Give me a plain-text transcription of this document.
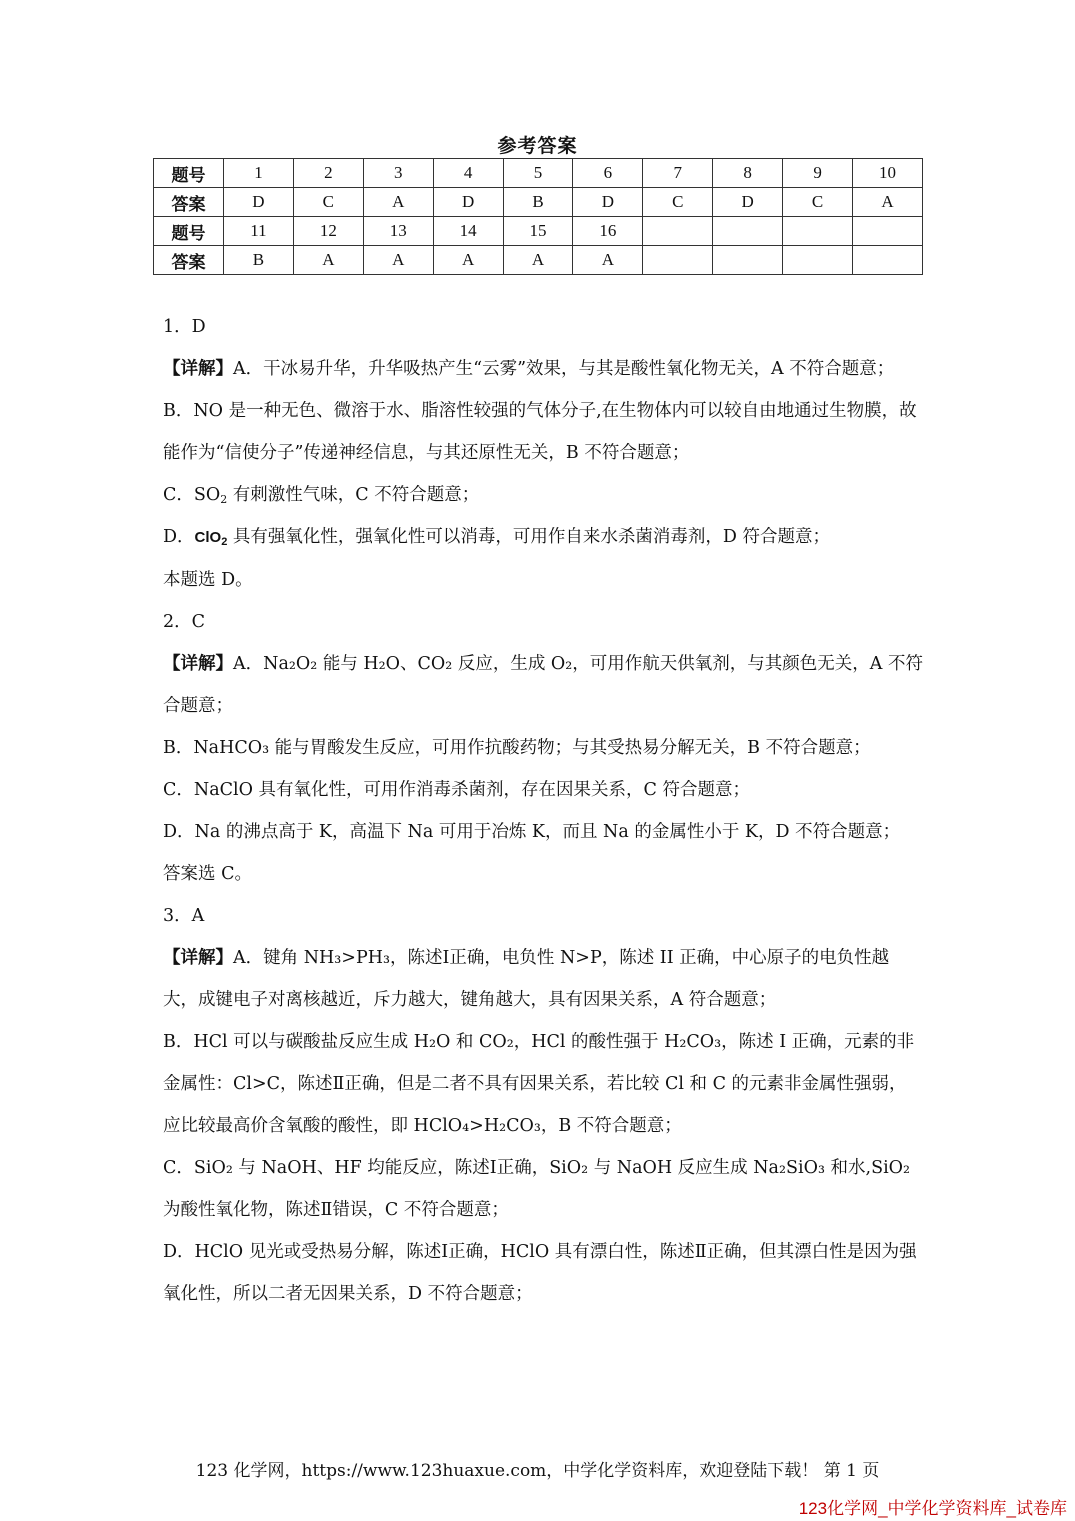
参考答案
题号	1	2	3	4	5	6	7	8	9	10
答案	D	C	A	D	B	D	C	D	C	A
题号	11	12	13	14	15	16				
答案	B	A	A	A	A	A				

1．D

【详解】A．干冰易升华，升华吸热产生“云雾”效果，与其是酸性氧化物无关，A 不符合题意；

B．NO 是一种无色、微溶于水、脂溶性较强的气体分子,在生物体内可以较自由地通过生物膜，故能作为“信使分子”传递神经信息，与其还原性无关，B 不符合题意；

C．$SO_2$ 有刺激性气味，C 不符合题意；

D．ClO$_2$ 具有强氧化性，强氧化性可以消毒，可用作自来水杀菌消毒剂，D 符合题意；

本题选 D。

2．C

【详解】A．Na₂O₂ 能与 H₂O、CO₂ 反应，生成 O₂，可用作航天供氧剂，与其颜色无关，A 不符合题意；

B．NaHCO₃ 能与胃酸发生反应，可用作抗酸药物；与其受热易分解无关，B 不符合题意；

C．NaClO 具有氧化性，可用作消毒杀菌剂，存在因果关系，C 符合题意；

D．Na 的沸点高于 K，高温下 Na 可用于冶炼 K，而且 Na 的金属性小于 K，D 不符合题意；

答案选 C。

3．A

【详解】A．键角 NH₃>PH₃，陈述Ⅰ正确，电负性 N>P，陈述 II 正确，中心原子的电负性越大，成键电子对离核越近，斥力越大，键角越大，具有因果关系，A 符合题意；

B．HCl 可以与碳酸盐反应生成 H₂O 和 CO₂，HCl 的酸性强于 H₂CO₃，陈述 I 正确，元素的非金属性：Cl>C，陈述Ⅱ正确，但是二者不具有因果关系，若比较 Cl 和 C 的元素非金属性强弱，应比较最高价含氧酸的酸性，即 HClO₄>H₂CO₃，B 不符合题意；

C．SiO₂ 与 NaOH、HF 均能反应，陈述Ⅰ正确，SiO₂ 与 NaOH 反应生成 Na₂SiO₃ 和水,SiO₂ 为酸性氧化物，陈述Ⅱ错误，C 不符合题意；

D．HClO 见光或受热易分解，陈述Ⅰ正确，HClO 具有漂白性，陈述Ⅱ正确，但其漂白性是因为强氧化性，所以二者无因果关系，D 不符合题意；

123 化学网，https://www.123huaxue.com，中学化学资料库，欢迎登陆下载！ 第 1 页
123化学网_中学化学资料库_试卷库
